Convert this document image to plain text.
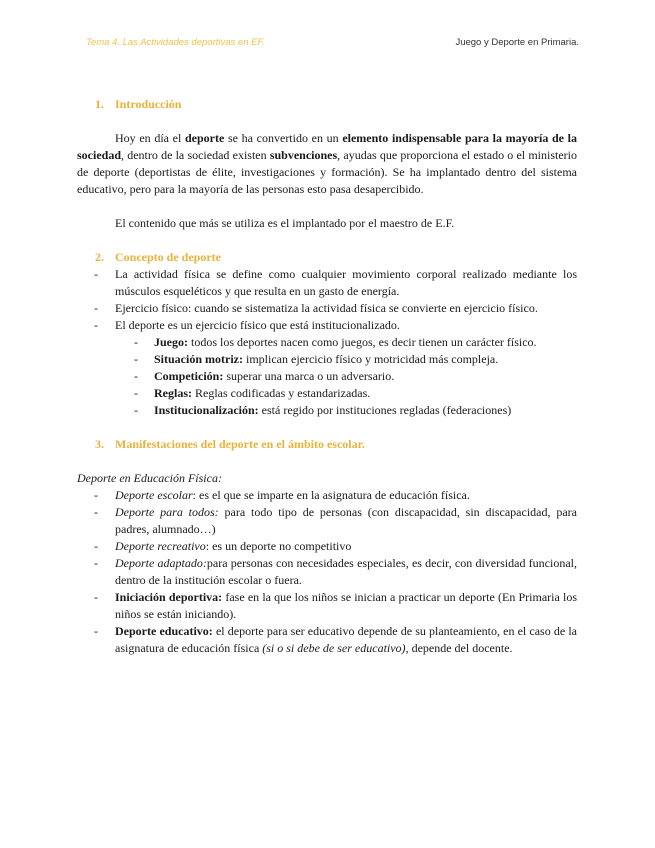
Tema 4. Las Actividades deportivas en EF.	Juego y Deporte en Primaria.
1. Introducción

Hoy en día el deporte se ha convertido en un elemento indispensable para la mayoría de la sociedad, dentro de la sociedad existen subvenciones, ayudas que proporciona el estado o el ministerio de deporte (deportistas de élite, investigaciones y formación). Se ha implantado dentro del sistema educativo, pero para la mayoría de las personas esto pasa desapercibido.

El contenido que más se utiliza es el implantado por el maestro de E.F.

2. Concepto de deporte
- La actividad física se define como cualquier movimiento corporal realizado mediante los músculos esqueléticos y que resulta en un gasto de energía.
- Ejercicio físico: cuando se sistematiza la actividad física se convierte en ejercicio físico.
- El deporte es un ejercicio físico que está institucionalizado.
- Juego: todos los deportes nacen como juegos, es decir tienen un carácter físico.
- Situación motriz: implican ejercicio físico y motricidad más compleja.
- Competición: superar una marca o un adversario.
- Reglas: Reglas codificadas y estandarizadas.
- Institucionalización: está regido por instituciones regladas (federaciones)
3. Manifestaciones del deporte en el ámbito escolar.
Deporte en Educación Física:
- Deporte escolar: es el que se imparte en la asignatura de educación física.
- Deporte para todos: para todo tipo de personas (con discapacidad, sin discapacidad, para padres, alumnado…)
- Deporte recreativo: es un deporte no competitivo
- Deporte adaptado:para personas con necesidades especiales, es decir, con diversidad funcional, dentro de la institución escolar o fuera.
- Iniciación deportiva: fase en la que los niños se inician a practicar un deporte (En Primaria los niños se están iniciando).
- Deporte educativo: el deporte para ser educativo depende de su planteamiento, en el caso de la asignatura de educación física (si o si debe de ser educativo), depende del docente.
